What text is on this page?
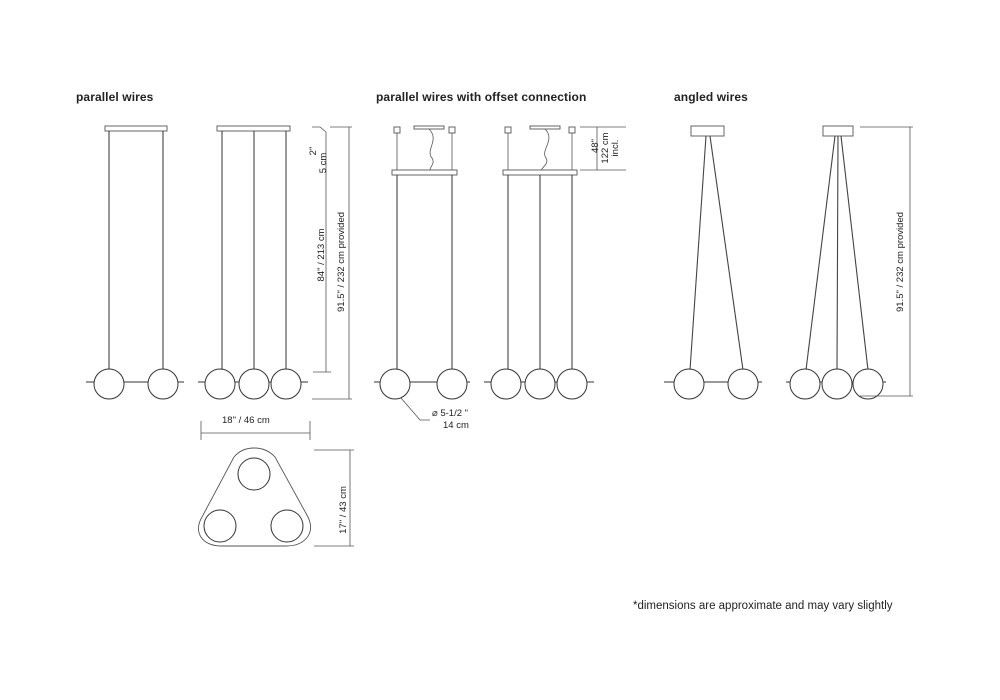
parallel wires	parallel wires with offset connection	angled wires
*dimensions are approximate and may vary slightly
2"
5 cm
84" / 213 cm 91.5" / 232 cm provided
⌀ 5-1/2 "
14 cm
48" 122 cm incl.
18" / 46 cm
17" / 43 cm
91.5" / 232 cm provided
